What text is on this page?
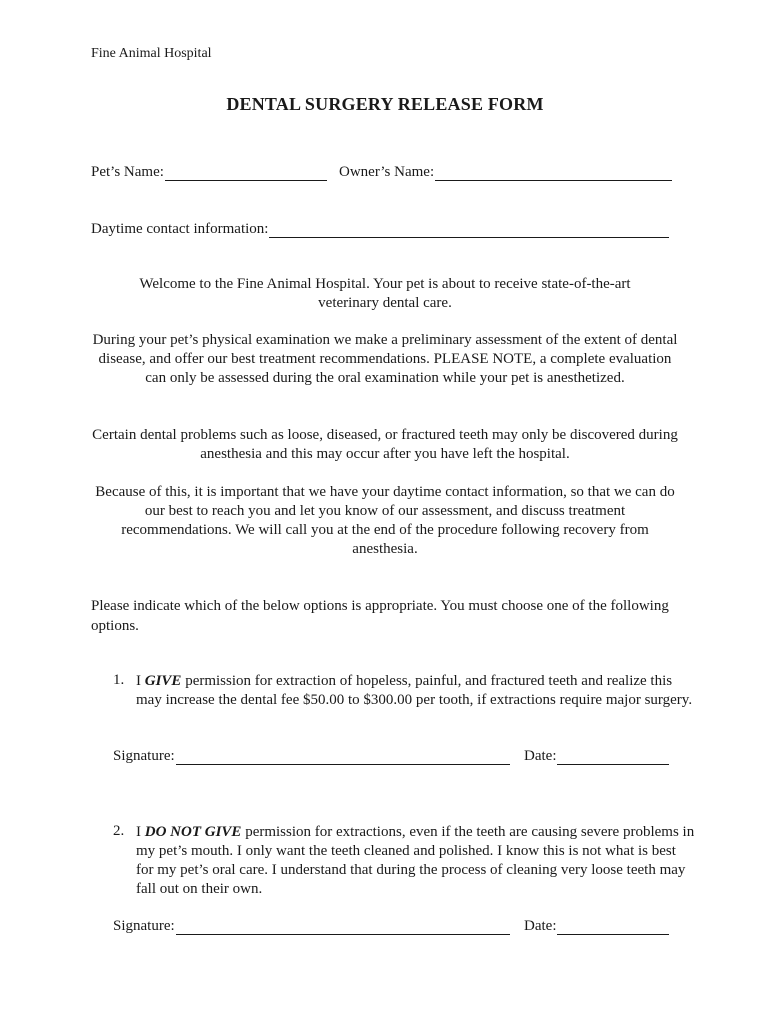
Fine Animal Hospital
DENTAL SURGERY RELEASE FORM
Pet’s Name:	Owner’s Name:
Daytime contact information:

Welcome to the Fine Animal Hospital. Your pet is about to receive state-of-the-art veterinary dental care.

During your pet’s physical examination we make a preliminary assessment of the extent of dental disease, and offer our best treatment recommendations. PLEASE NOTE, a complete evaluation can only be assessed during the oral examination while your pet is anesthetized.

Certain dental problems such as loose, diseased, or fractured teeth may only be discovered during anesthesia and this may occur after you have left the hospital.

Because of this, it is important that we have your daytime contact information, so that we can do our best to reach you and let you know of our assessment, and discuss treatment recommendations. We will call you at the end of the procedure following recovery from anesthesia.

Please indicate which of the below options is appropriate. You must choose one of the following options.

1. I GIVE permission for extraction of hopeless, painful, and fractured teeth and realize this may increase the dental fee $50.00 to $300.00 per tooth, if extractions require major surgery.

Signature:	Date:
2. I DO NOT GIVE permission for extractions, even if the teeth are causing severe problems in my pet’s mouth. I only want the teeth cleaned and polished. I know this is not what is best for my pet’s oral care. I understand that during the process of cleaning very loose teeth may fall out on their own.

Signature:	Date:
